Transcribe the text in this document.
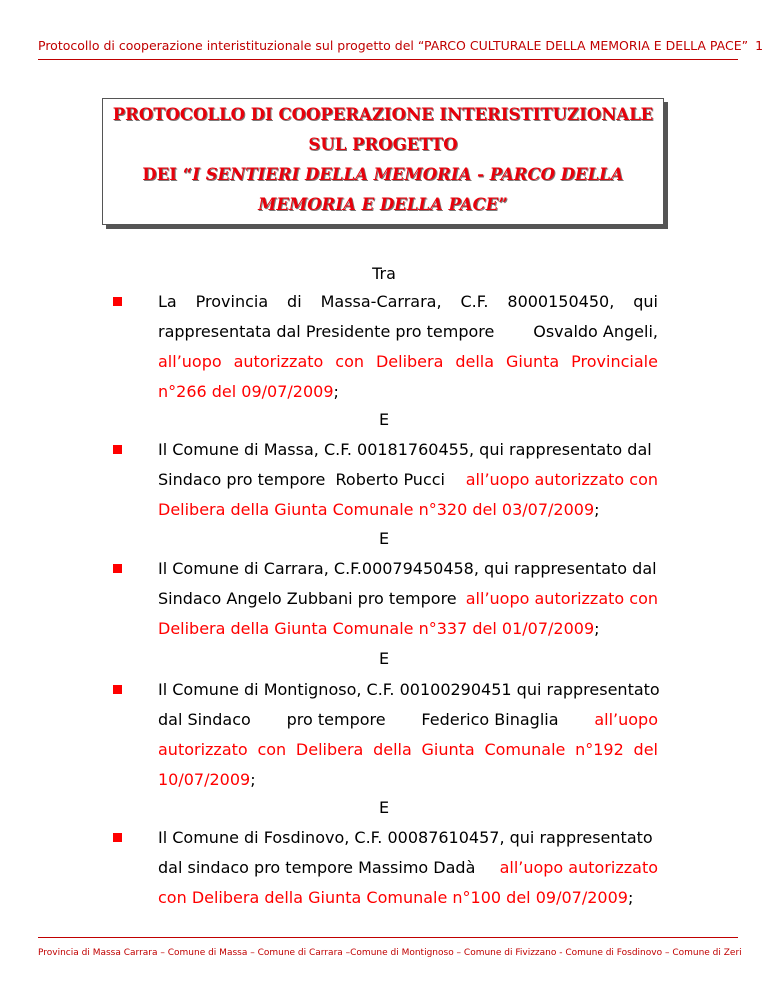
Protocollo di cooperazione interistituzionale sul progetto del “PARCO CULTURALE DELLA MEMORIA E DELLA PACE” 1
PROTOCOLLO DI COOPERAZIONE INTERISTITUZIONALE
SUL PROGETTO
DEI “I SENTIERI DELLA MEMORIA - PARCO DELLA
MEMORIA E DELLA PACE”
Tra
La Provincia di Massa-Carrara, C.F. 8000150450, qui
rappresentata dal Presidente pro tempore Osvaldo Angeli,
all’uopo autorizzato con Delibera della Giunta Provinciale
n°266 del 09/07/2009;
E
Il Comune di Massa, C.F. 00181760455, qui rappresentato dal
Sindaco pro tempore  Roberto Pucci all’uopo autorizzato con
Delibera della Giunta Comunale n°320 del 03/07/2009;
E
Il Comune di Carrara, C.F.00079450458, qui rappresentato dal
Sindaco Angelo Zubbani pro tempore all’uopo autorizzato con
Delibera della Giunta Comunale n°337 del 01/07/2009;
E
Il Comune di Montignoso, C.F. 00100290451 qui rappresentato
dal Sindaco pro tempore Federico Binaglia all’uopo
autorizzato con Delibera della Giunta Comunale n°192 del
10/07/2009;
E
Il Comune di Fosdinovo, C.F. 00087610457, qui rappresentato
dal sindaco pro tempore Massimo Dadà all’uopo autorizzato
con Delibera della Giunta Comunale n°100 del 09/07/2009;
Provincia di Massa Carrara – Comune di Massa – Comune di Carrara –Comune di Montignoso – Comune di Fivizzano - Comune di Fosdinovo – Comune di Zeri
